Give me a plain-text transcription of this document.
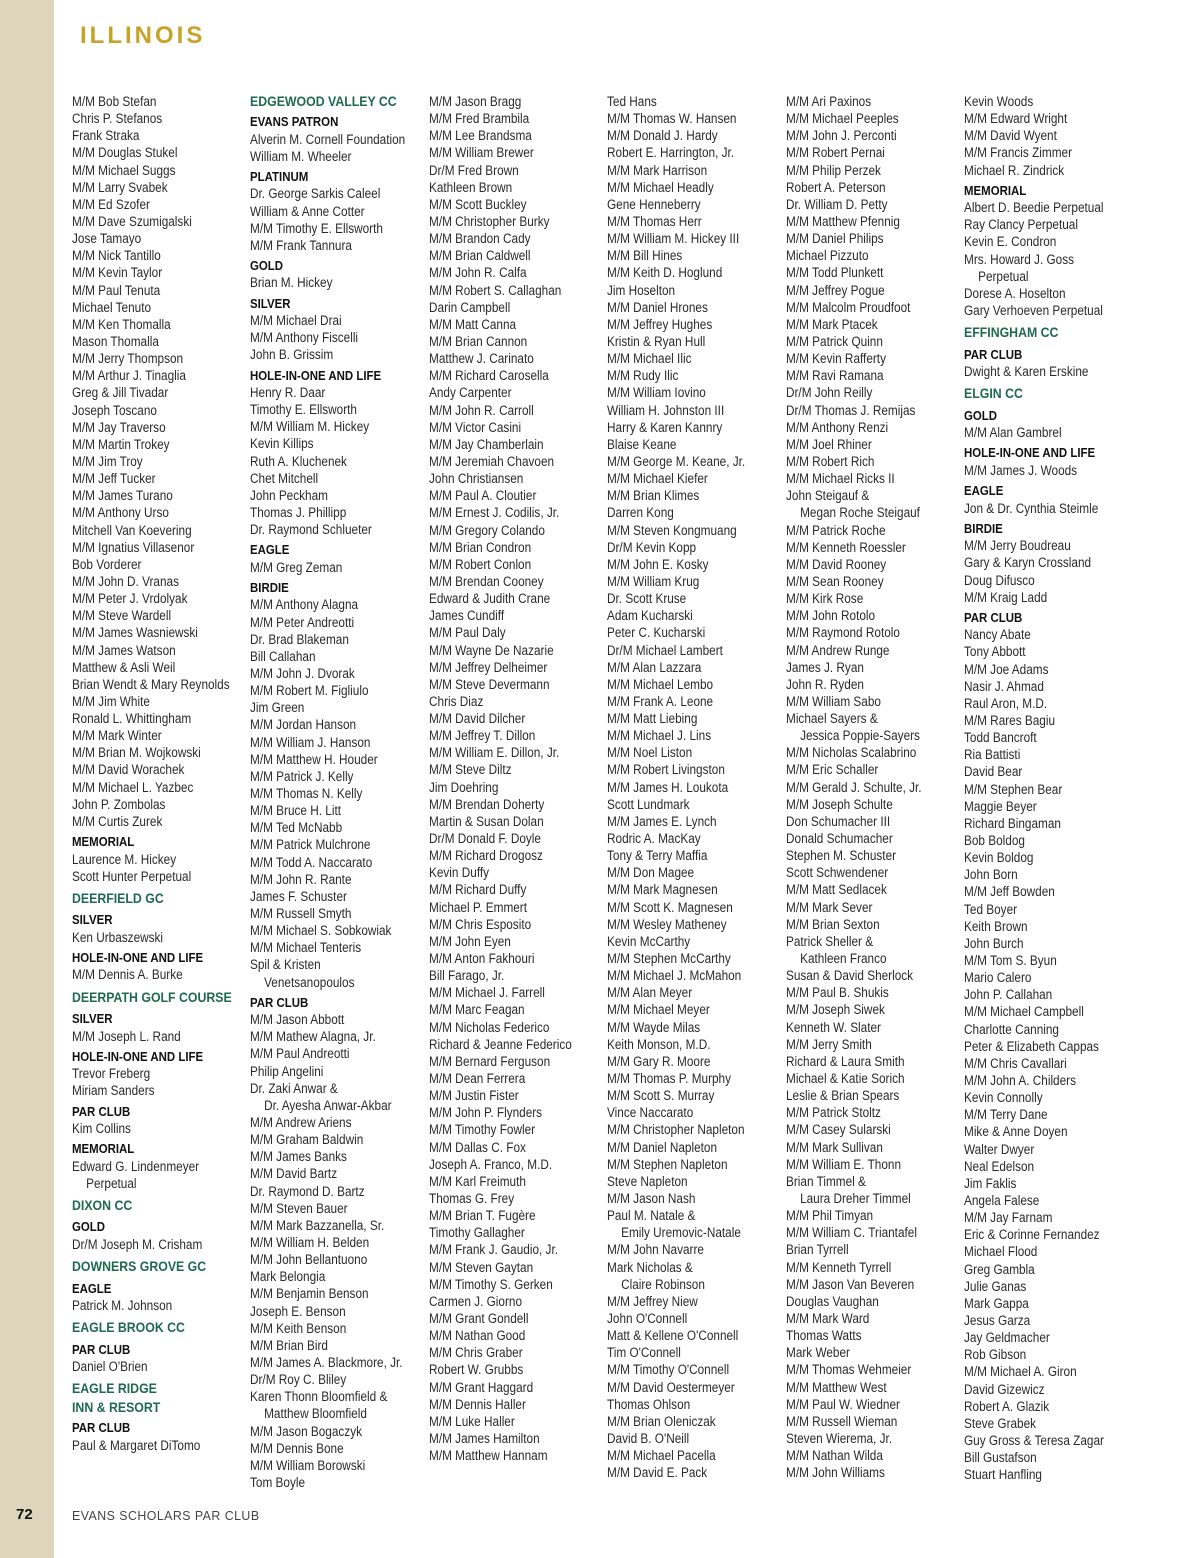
ILLINOIS
M/M Bob Stefan
Chris P. Stefanos
Frank Straka
M/M Douglas Stukel
M/M Michael Suggs
M/M Larry Svabek
M/M Ed Szofer
M/M Dave Szumigalski
Jose Tamayo
M/M Nick Tantillo
M/M Kevin Taylor
M/M Paul Tenuta
Michael Tenuto
M/M Ken Thomalla
Mason Thomalla
M/M Jerry Thompson
M/M Arthur J. Tinaglia
Greg & Jill Tivadar
Joseph Toscano
M/M Jay Traverso
M/M Martin Trokey
M/M Jim Troy
M/M Jeff Tucker
M/M James Turano
M/M Anthony Urso
Mitchell Van Koevering
M/M Ignatius Villasenor
Bob Vorderer
M/M John D. Vranas
M/M Peter J. Vrdolyak
M/M Steve Wardell
M/M James Wasniewski
M/M James Watson
Matthew & Asli Weil
Brian Wendt & Mary Reynolds
M/M Jim White
Ronald L. Whittingham
M/M Mark Winter
M/M Brian M. Wojkowski
M/M David Worachek
M/M Michael L. Yazbec
John P. Zombolas
M/M Curtis Zurek
MEMORIAL
Laurence M. Hickey
Scott Hunter Perpetual
DEERFIELD GC
SILVER
Ken Urbaszewski
HOLE-IN-ONE AND LIFE
M/M Dennis A. Burke
DEERPATH GOLF COURSE
SILVER
M/M Joseph L. Rand
HOLE-IN-ONE AND LIFE
Trevor Freberg
Miriam Sanders
PAR CLUB
Kim Collins
MEMORIAL
Edward G. Lindenmeyer
Perpetual
DIXON CC
GOLD
Dr/M Joseph M. Crisham
DOWNERS GROVE GC
EAGLE
Patrick M. Johnson
EAGLE BROOK CC
PAR CLUB
Daniel O'Brien
EAGLE RIDGE
INN & RESORT
PAR CLUB
Paul & Margaret DiTomo
EDGEWOOD VALLEY CC
EVANS PATRON
Alverin M. Cornell Foundation
William M. Wheeler
PLATINUM
Dr. George Sarkis Caleel
William & Anne Cotter
M/M Timothy E. Ellsworth
M/M Frank Tannura
GOLD
Brian M. Hickey
SILVER
M/M Michael Drai
M/M Anthony Fiscelli
John B. Grissim
HOLE-IN-ONE AND LIFE
Henry R. Daar
Timothy E. Ellsworth
M/M William M. Hickey
Kevin Killips
Ruth A. Kluchenek
Chet Mitchell
John Peckham
Thomas J. Phillipp
Dr. Raymond Schlueter
EAGLE
M/M Greg Zeman
BIRDIE
M/M Anthony Alagna
M/M Peter Andreotti
Dr. Brad Blakeman
Bill Callahan
M/M John J. Dvorak
M/M Robert M. Figliulo
Jim Green
M/M Jordan Hanson
M/M William J. Hanson
M/M Matthew H. Houder
M/M Patrick J. Kelly
M/M Thomas N. Kelly
M/M Bruce H. Litt
M/M Ted McNabb
M/M Patrick Mulchrone
M/M Todd A. Naccarato
M/M John R. Rante
James F. Schuster
M/M Russell Smyth
M/M Michael S. Sobkowiak
M/M Michael Tenteris
Spil & Kristen
Venetsanopoulos
PAR CLUB
M/M Jason Abbott
M/M Mathew Alagna, Jr.
M/M Paul Andreotti
Philip Angelini
Dr. Zaki Anwar &
Dr. Ayesha Anwar-Akbar
M/M Andrew Ariens
M/M Graham Baldwin
M/M James Banks
M/M David Bartz
Dr. Raymond D. Bartz
M/M Steven Bauer
M/M Mark Bazzanella, Sr.
M/M William H. Belden
M/M John Bellantuono
Mark Belongia
M/M Benjamin Benson
Joseph E. Benson
M/M Keith Benson
M/M Brian Bird
M/M James A. Blackmore, Jr.
Dr/M Roy C. Bliley
Karen Thonn Bloomfield &
Matthew Bloomfield
M/M Jason Bogaczyk
M/M Dennis Bone
M/M William Borowski
Tom Boyle
M/M Jason Bragg
M/M Fred Brambila
M/M Lee Brandsma
M/M William Brewer
Dr/M Fred Brown
Kathleen Brown
M/M Scott Buckley
M/M Christopher Burky
M/M Brandon Cady
M/M Brian Caldwell
M/M John R. Calfa
M/M Robert S. Callaghan
Darin Campbell
M/M Matt Canna
M/M Brian Cannon
Matthew J. Carinato
M/M Richard Carosella
Andy Carpenter
M/M John R. Carroll
M/M Victor Casini
M/M Jay Chamberlain
M/M Jeremiah Chavoen
John Christiansen
M/M Paul A. Cloutier
M/M Ernest J. Codilis, Jr.
M/M Gregory Colando
M/M Brian Condron
M/M Robert Conlon
M/M Brendan Cooney
Edward & Judith Crane
James Cundiff
M/M Paul Daly
M/M Wayne De Nazarie
M/M Jeffrey Delheimer
M/M Steve Devermann
Chris Diaz
M/M David Dilcher
M/M Jeffrey T. Dillon
M/M William E. Dillon, Jr.
M/M Steve Diltz
Jim Doehring
M/M Brendan Doherty
Martin & Susan Dolan
Dr/M Donald F. Doyle
M/M Richard Drogosz
Kevin Duffy
M/M Richard Duffy
Michael P. Emmert
M/M Chris Esposito
M/M John Eyen
M/M Anton Fakhouri
Bill Farago, Jr.
M/M Michael J. Farrell
M/M Marc Feagan
M/M Nicholas Federico
Richard & Jeanne Federico
M/M Bernard Ferguson
M/M Dean Ferrera
M/M Justin Fister
M/M John P. Flynders
M/M Timothy Fowler
M/M Dallas C. Fox
Joseph A. Franco, M.D.
M/M Karl Freimuth
Thomas G. Frey
M/M Brian T. Fugère
Timothy Gallagher
M/M Frank J. Gaudio, Jr.
M/M Steven Gaytan
M/M Timothy S. Gerken
Carmen J. Giorno
M/M Grant Gondell
M/M Nathan Good
M/M Chris Graber
Robert W. Grubbs
M/M Grant Haggard
M/M Dennis Haller
M/M Luke Haller
M/M James Hamilton
M/M Matthew Hannam
Ted Hans
M/M Thomas W. Hansen
M/M Donald J. Hardy
Robert E. Harrington, Jr.
M/M Mark Harrison
M/M Michael Headly
Gene Henneberry
M/M Thomas Herr
M/M William M. Hickey III
M/M Bill Hines
M/M Keith D. Hoglund
Jim Hoselton
M/M Daniel Hrones
M/M Jeffrey Hughes
Kristin & Ryan Hull
M/M Michael Ilic
M/M Rudy Ilic
M/M William Iovino
William H. Johnston III
Harry & Karen Kannry
Blaise Keane
M/M George M. Keane, Jr.
M/M Michael Kiefer
M/M Brian Klimes
Darren Kong
M/M Steven Kongmuang
Dr/M Kevin Kopp
M/M John E. Kosky
M/M William Krug
Dr. Scott Kruse
Adam Kucharski
Peter C. Kucharski
Dr/M Michael Lambert
M/M Alan Lazzara
M/M Michael Lembo
M/M Frank A. Leone
M/M Matt Liebing
M/M Michael J. Lins
M/M Noel Liston
M/M Robert Livingston
M/M James H. Loukota
Scott Lundmark
M/M James E. Lynch
Rodric A. MacKay
Tony & Terry Maffia
M/M Don Magee
M/M Mark Magnesen
M/M Scott K. Magnesen
M/M Wesley Matheney
Kevin McCarthy
M/M Stephen McCarthy
M/M Michael J. McMahon
M/M Alan Meyer
M/M Michael Meyer
M/M Wayde Milas
Keith Monson, M.D.
M/M Gary R. Moore
M/M Thomas P. Murphy
M/M Scott S. Murray
Vince Naccarato
M/M Christopher Napleton
M/M Daniel Napleton
M/M Stephen Napleton
Steve Napleton
M/M Jason Nash
Paul M. Natale &
Emily Uremovic-Natale
M/M John Navarre
Mark Nicholas &
Claire Robinson
M/M Jeffrey Niew
John O'Connell
Matt & Kellene O'Connell
Tim O'Connell
M/M Timothy O'Connell
M/M David Oestermeyer
Thomas Ohlson
M/M Brian Oleniczak
David B. O'Neill
M/M Michael Pacella
M/M David E. Pack
M/M Ari Paxinos
M/M Michael Peeples
M/M John J. Perconti
M/M Robert Pernai
M/M Philip Perzek
Robert A. Peterson
Dr. William D. Petty
M/M Matthew Pfennig
M/M Daniel Philips
Michael Pizzuto
M/M Todd Plunkett
M/M Jeffrey Pogue
M/M Malcolm Proudfoot
M/M Mark Ptacek
M/M Patrick Quinn
M/M Kevin Rafferty
M/M Ravi Ramana
Dr/M John Reilly
Dr/M Thomas J. Remijas
M/M Anthony Renzi
M/M Joel Rhiner
M/M Robert Rich
M/M Michael Ricks II
John Steigauf &
Megan Roche Steigauf
M/M Patrick Roche
M/M Kenneth Roessler
M/M David Rooney
M/M Sean Rooney
M/M Kirk Rose
M/M John Rotolo
M/M Raymond Rotolo
M/M Andrew Runge
James J. Ryan
John R. Ryden
M/M William Sabo
Michael Sayers &
Jessica Poppie-Sayers
M/M Nicholas Scalabrino
M/M Eric Schaller
M/M Gerald J. Schulte, Jr.
M/M Joseph Schulte
Don Schumacher III
Donald Schumacher
Stephen M. Schuster
Scott Schwendener
M/M Matt Sedlacek
M/M Mark Sever
M/M Brian Sexton
Patrick Sheller &
Kathleen Franco
Susan & David Sherlock
M/M Paul B. Shukis
M/M Joseph Siwek
Kenneth W. Slater
M/M Jerry Smith
Richard & Laura Smith
Michael & Katie Sorich
Leslie & Brian Spears
M/M Patrick Stoltz
M/M Casey Sularski
M/M Mark Sullivan
M/M William E. Thonn
Brian Timmel &
Laura Dreher Timmel
M/M Phil Timyan
M/M William C. Triantafel
Brian Tyrrell
M/M Kenneth Tyrrell
M/M Jason Van Beveren
Douglas Vaughan
M/M Mark Ward
Thomas Watts
Mark Weber
M/M Thomas Wehmeier
M/M Matthew West
M/M Paul W. Wiedner
M/M Russell Wieman
Steven Wierema, Jr.
M/M Nathan Wilda
M/M John Williams
Kevin Woods
M/M Edward Wright
M/M David Wyent
M/M Francis Zimmer
Michael R. Zindrick
MEMORIAL
Albert D. Beedie Perpetual
Ray Clancy Perpetual
Kevin E. Condron
Mrs. Howard J. Goss
Perpetual
Dorese A. Hoselton
Gary Verhoeven Perpetual
EFFINGHAM CC
PAR CLUB
Dwight & Karen Erskine
ELGIN CC
GOLD
M/M Alan Gambrel
HOLE-IN-ONE AND LIFE
M/M James J. Woods
EAGLE
Jon & Dr. Cynthia Steimle
BIRDIE
M/M Jerry Boudreau
Gary & Karyn Crossland
Doug Difusco
M/M Kraig Ladd
PAR CLUB
Nancy Abate
Tony Abbott
M/M Joe Adams
Nasir J. Ahmad
Raul Aron, M.D.
M/M Rares Bagiu
Todd Bancroft
Ria Battisti
David Bear
M/M Stephen Bear
Maggie Beyer
Richard Bingaman
Bob Boldog
Kevin Boldog
John Born
M/M Jeff Bowden
Ted Boyer
Keith Brown
John Burch
M/M Tom S. Byun
Mario Calero
John P. Callahan
M/M Michael Campbell
Charlotte Canning
Peter & Elizabeth Cappas
M/M Chris Cavallari
M/M John A. Childers
Kevin Connolly
M/M Terry Dane
Mike & Anne Doyen
Walter Dwyer
Neal Edelson
Jim Faklis
Angela Falese
M/M Jay Farnam
Eric & Corinne Fernandez
Michael Flood
Greg Gambla
Julie Ganas
Mark Gappa
Jesus Garza
Jay Geldmacher
Rob Gibson
M/M Michael A. Giron
David Gizewicz
Robert A. Glazik
Steve Grabek
Guy Gross & Teresa Zagar
Bill Gustafson
Stuart Hanfling
72	EVANS SCHOLARS PAR CLUB
